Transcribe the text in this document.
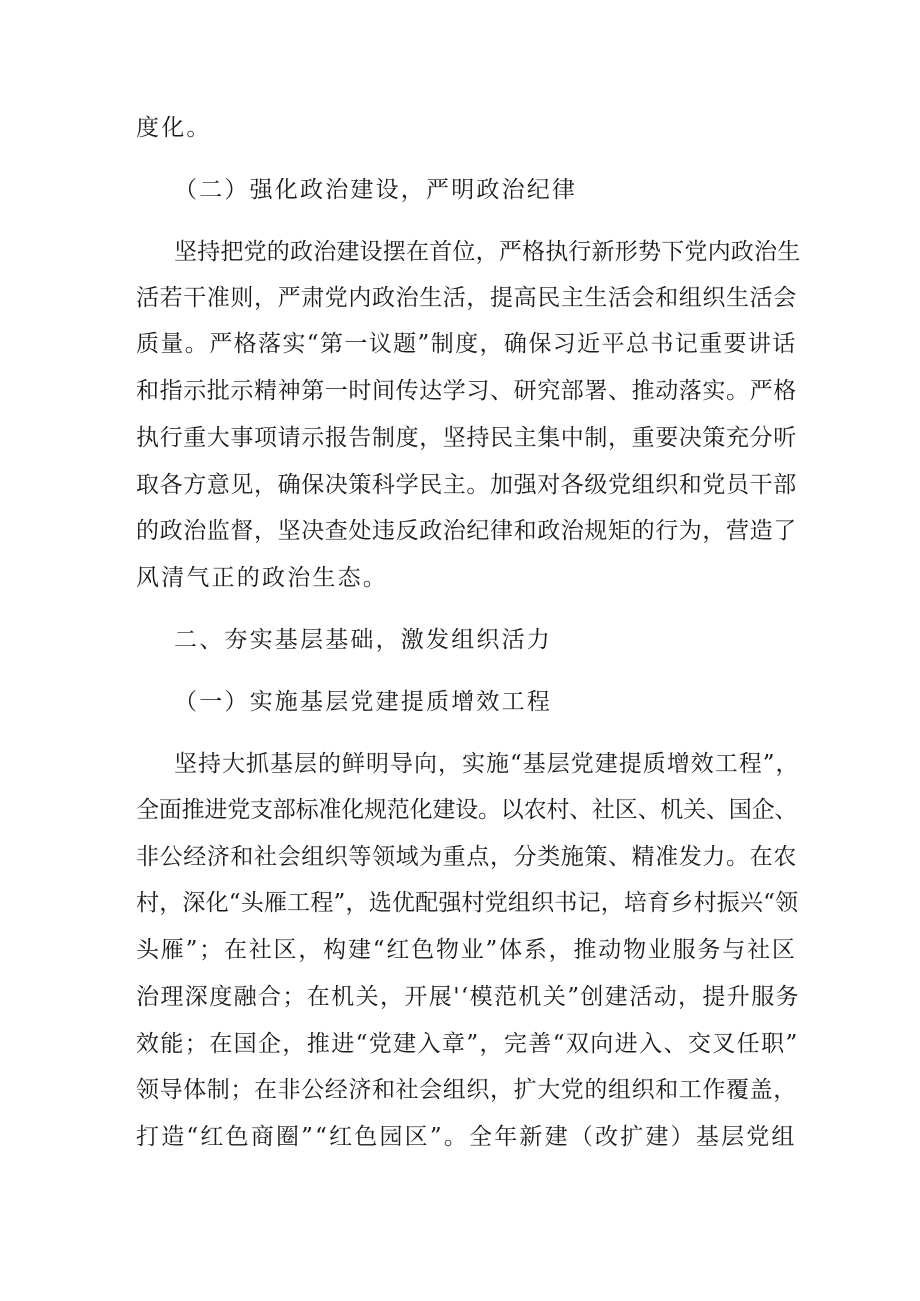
度化。
（二）强化政治建设，严明政治纪律
坚持把党的政治建设摆在首位，严格执行新形势下党内政治生
活若干准则，严肃党内政治生活，提高民主生活会和组织生活会
质量。严格落实“第一议题”制度，确保习近平总书记重要讲话
和指示批示精神第一时间传达学习、研究部署、推动落实。严格
执行重大事项请示报告制度，坚持民主集中制，重要决策充分听
取各方意见，确保决策科学民主。加强对各级党组织和党员干部
的政治监督，坚决查处违反政治纪律和政治规矩的行为，营造了
风清气正的政治生态。
二、夯实基层基础，激发组织活力
（一）实施基层党建提质增效工程
坚持大抓基层的鲜明导向，实施“基层党建提质增效工程”，
全面推进党支部标准化规范化建设。以农村、社区、机关、国企、
非公经济和社会组织等领域为重点，分类施策、精准发力。在农
村，深化“头雁工程”，选优配强村党组织书记，培育乡村振兴“领
头雁”；在社区，构建“红色物业”体系，推动物业服务与社区
治理深度融合；在机关，开展'‘模范机关”创建活动，提升服务
效能；在国企，推进“党建入章”，完善“双向进入、交叉任职”
领导体制；在非公经济和社会组织，扩大党的组织和工作覆盖，
打造“红色商圈”“红色园区”。全年新建（改扩建）基层党组
